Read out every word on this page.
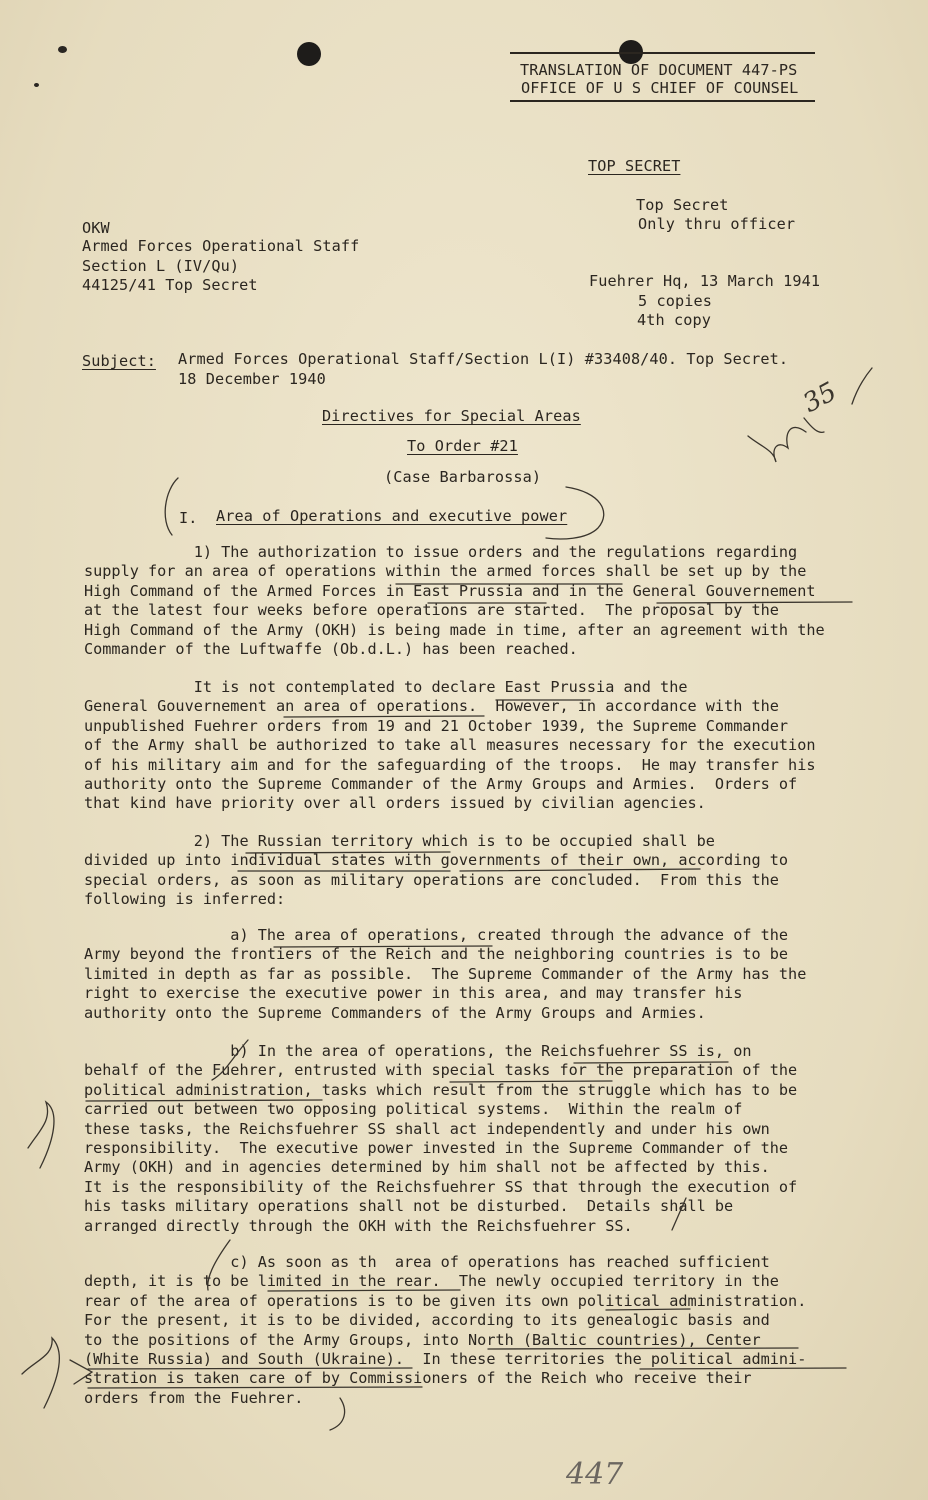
TRANSLATION OF DOCUMENT 447-PS
OFFICE OF U S CHIEF OF COUNSEL
TOP SECRET
Top Secret
Only thru officer
OKW
Armed Forces Operational Staff
Section L (IV/Qu)
44125/41 Top Secret	Fuehrer Hq, 13 March 1941
5 copies
4th copy
Subject: Armed Forces Operational Staff/Section L(I) #33408/40. Top Secret.
18 December 1940
Directives for Special Areas
To Order #21
(Case Barbarossa)
I. Area of Operations and executive power

1) The authorization to issue orders and the regulations regarding

supply for an area of operations within the armed forces shall be set up by the

High Command of the Armed Forces in East Prussia and in the General Gouvernement

at the latest four weeks before operations are started.  The proposal by the

High Command of the Army (OKH) is being made in time, after an agreement with the

Commander of the Luftwaffe (Ob.d.L.) has been reached.

It is not contemplated to declare East Prussia and the

General Gouvernement an area of operations.  However, in accordance with the

unpublished Fuehrer orders from 19 and 21 October 1939, the Supreme Commander

of the Army shall be authorized to take all measures necessary for the execution

of his military aim and for the safeguarding of the troops.  He may transfer his

authority onto the Supreme Commander of the Army Groups and Armies.  Orders of

that kind have priority over all orders issued by civilian agencies.

2) The Russian territory which is to be occupied shall be

divided up into individual states with governments of their own, according to

special orders, as soon as military operations are concluded.  From this the

following is inferred:

a) The area of operations, created through the advance of the

Army beyond the frontiers of the Reich and the neighboring countries is to be

limited in depth as far as possible.  The Supreme Commander of the Army has the

right to exercise the executive power in this area, and may transfer his

authority onto the Supreme Commanders of the Army Groups and Armies.

b) In the area of operations, the Reichsfuehrer SS is, on

behalf of the Fuehrer, entrusted with special tasks for the preparation of the

political administration, tasks which result from the struggle which has to be

carried out between two opposing political systems.  Within the realm of

these tasks, the Reichsfuehrer SS shall act independently and under his own

responsibility.  The executive power invested in the Supreme Commander of the

Army (OKH) and in agencies determined by him shall not be affected by this.

It is the responsibility of the Reichsfuehrer SS that through the execution of

his tasks military operations shall not be disturbed.  Details shall be

arranged directly through the OKH with the Reichsfuehrer SS.

c) As soon as th  area of operations has reached sufficient

depth, it is to be limited in the rear.  The newly occupied territory in the

rear of the area of operations is to be given its own political administration.

For the present, it is to be divided, according to its genealogic basis and

to the positions of the Army Groups, into North (Baltic countries), Center

(White Russia) and South (Ukraine).  In these territories the political admini-

stration is taken care of by Commissioners of the Reich who receive their

orders from the Fuehrer.

35
447
